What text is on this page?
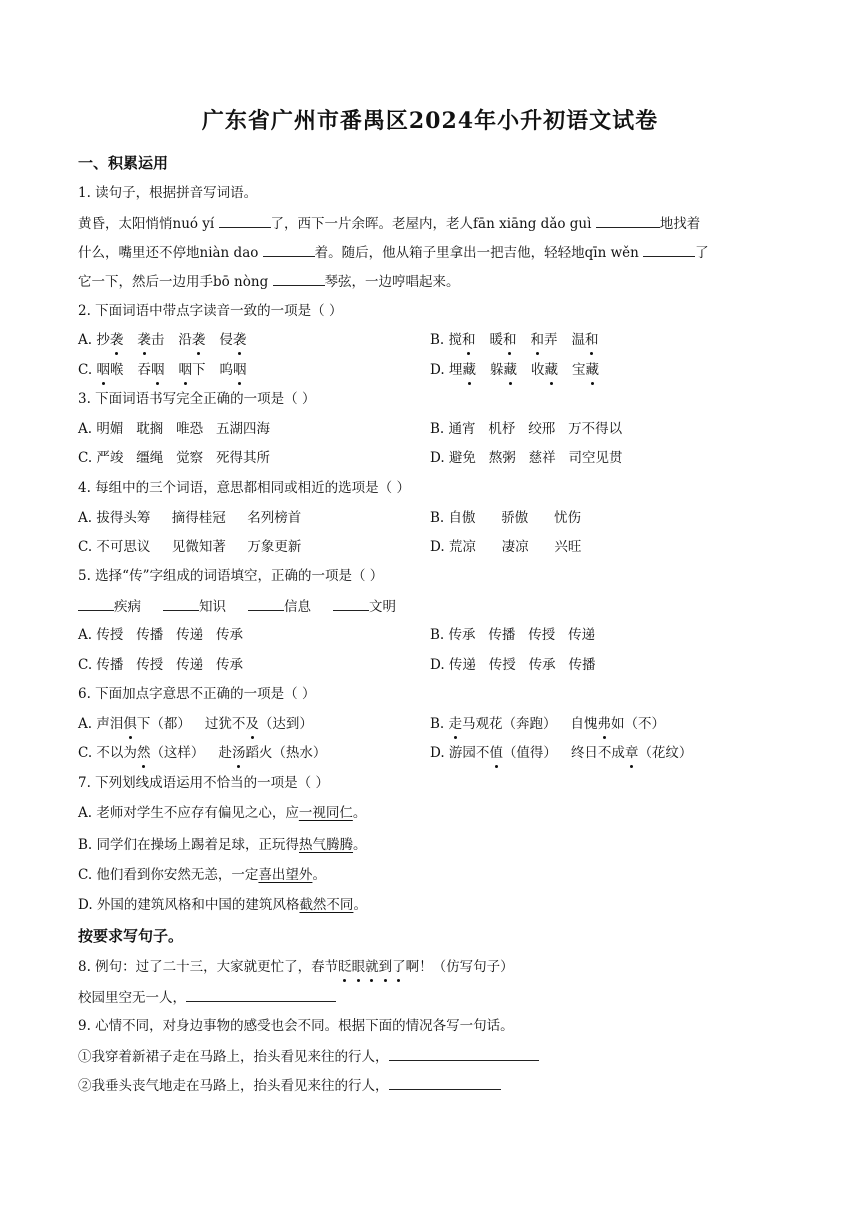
广东省广州市番禺区2024年小升初语文试卷
一、积累运用
1. 读句子，根据拼音写词语。
黄昏，太阳悄悄nuó yí	了，西下一片余晖。老屋内，老人fān xiāng dǎo guì	地找着
什么，嘴里还不停地niàn dao	着。随后，他从箱子里拿出一把吉他，轻轻地qīn wěn	了
它一下，然后一边用手bō nòng	琴弦，一边哼唱起来。
2. 下面词语中带点字读音一致的一项是（ ）
A. 抄袭 袭击 沿袭 侵袭	B. 搅和 暖和 和弄 温和
C. 咽喉 吞咽 咽下 呜咽	D. 埋藏 躲藏 收藏 宝藏
3. 下面词语书写完全正确的一项是（ ）
A. 明媚   耽搁   唯恐   五湖四海	B. 通宵   机杼   绞邢   万不得以
C. 严竣   缰绳   觉察   死得其所	D. 避免   熬粥   慈祥   司空见贯
4. 每组中的三个词语，意思都相同或相近的选项是（ ）
A. 拔得头筹     摘得桂冠     名列榜首	B. 自傲      骄傲      忧伤
C. 不可思议     见微知著     万象更新	D. 荒凉      凄凉      兴旺
5. 选择“传”字组成的词语填空，正确的一项是（ ）
疾病	知识	信息	文明
A. 传授   传播   传递   传承	B. 传承   传播   传授   传递
C. 传播   传授   传递   传承	D. 传递   传授   传承   传播
6. 下面加点字意思不正确的一项是（ ）
A. 声泪俱下（都） 过犹不及（达到）	B. 走马观花（奔跑） 自愧弗如（不）
C. 不以为然（这样） 赴汤蹈火（热水）	D. 游园不值（值得） 终日不成章（花纹）
7. 下列划线成语运用不恰当的一项是（ ）
A. 老师对学生不应存有偏见之心，应一视同仁。
B. 同学们在操场上踢着足球，正玩得热气腾腾。
C. 他们看到你安然无恙，一定喜出望外。
D. 外国的建筑风格和中国的建筑风格截然不同。
按要求写句子。
8. 例句：过了二十三，大家就更忙了，春节眨眼就到了啊！（仿写句子）
校园里空无一人，
9. 心情不同，对身边事物的感受也会不同。根据下面的情况各写一句话。
①我穿着新裙子走在马路上，抬头看见来往的行人，
②我垂头丧气地走在马路上，抬头看见来往的行人，
